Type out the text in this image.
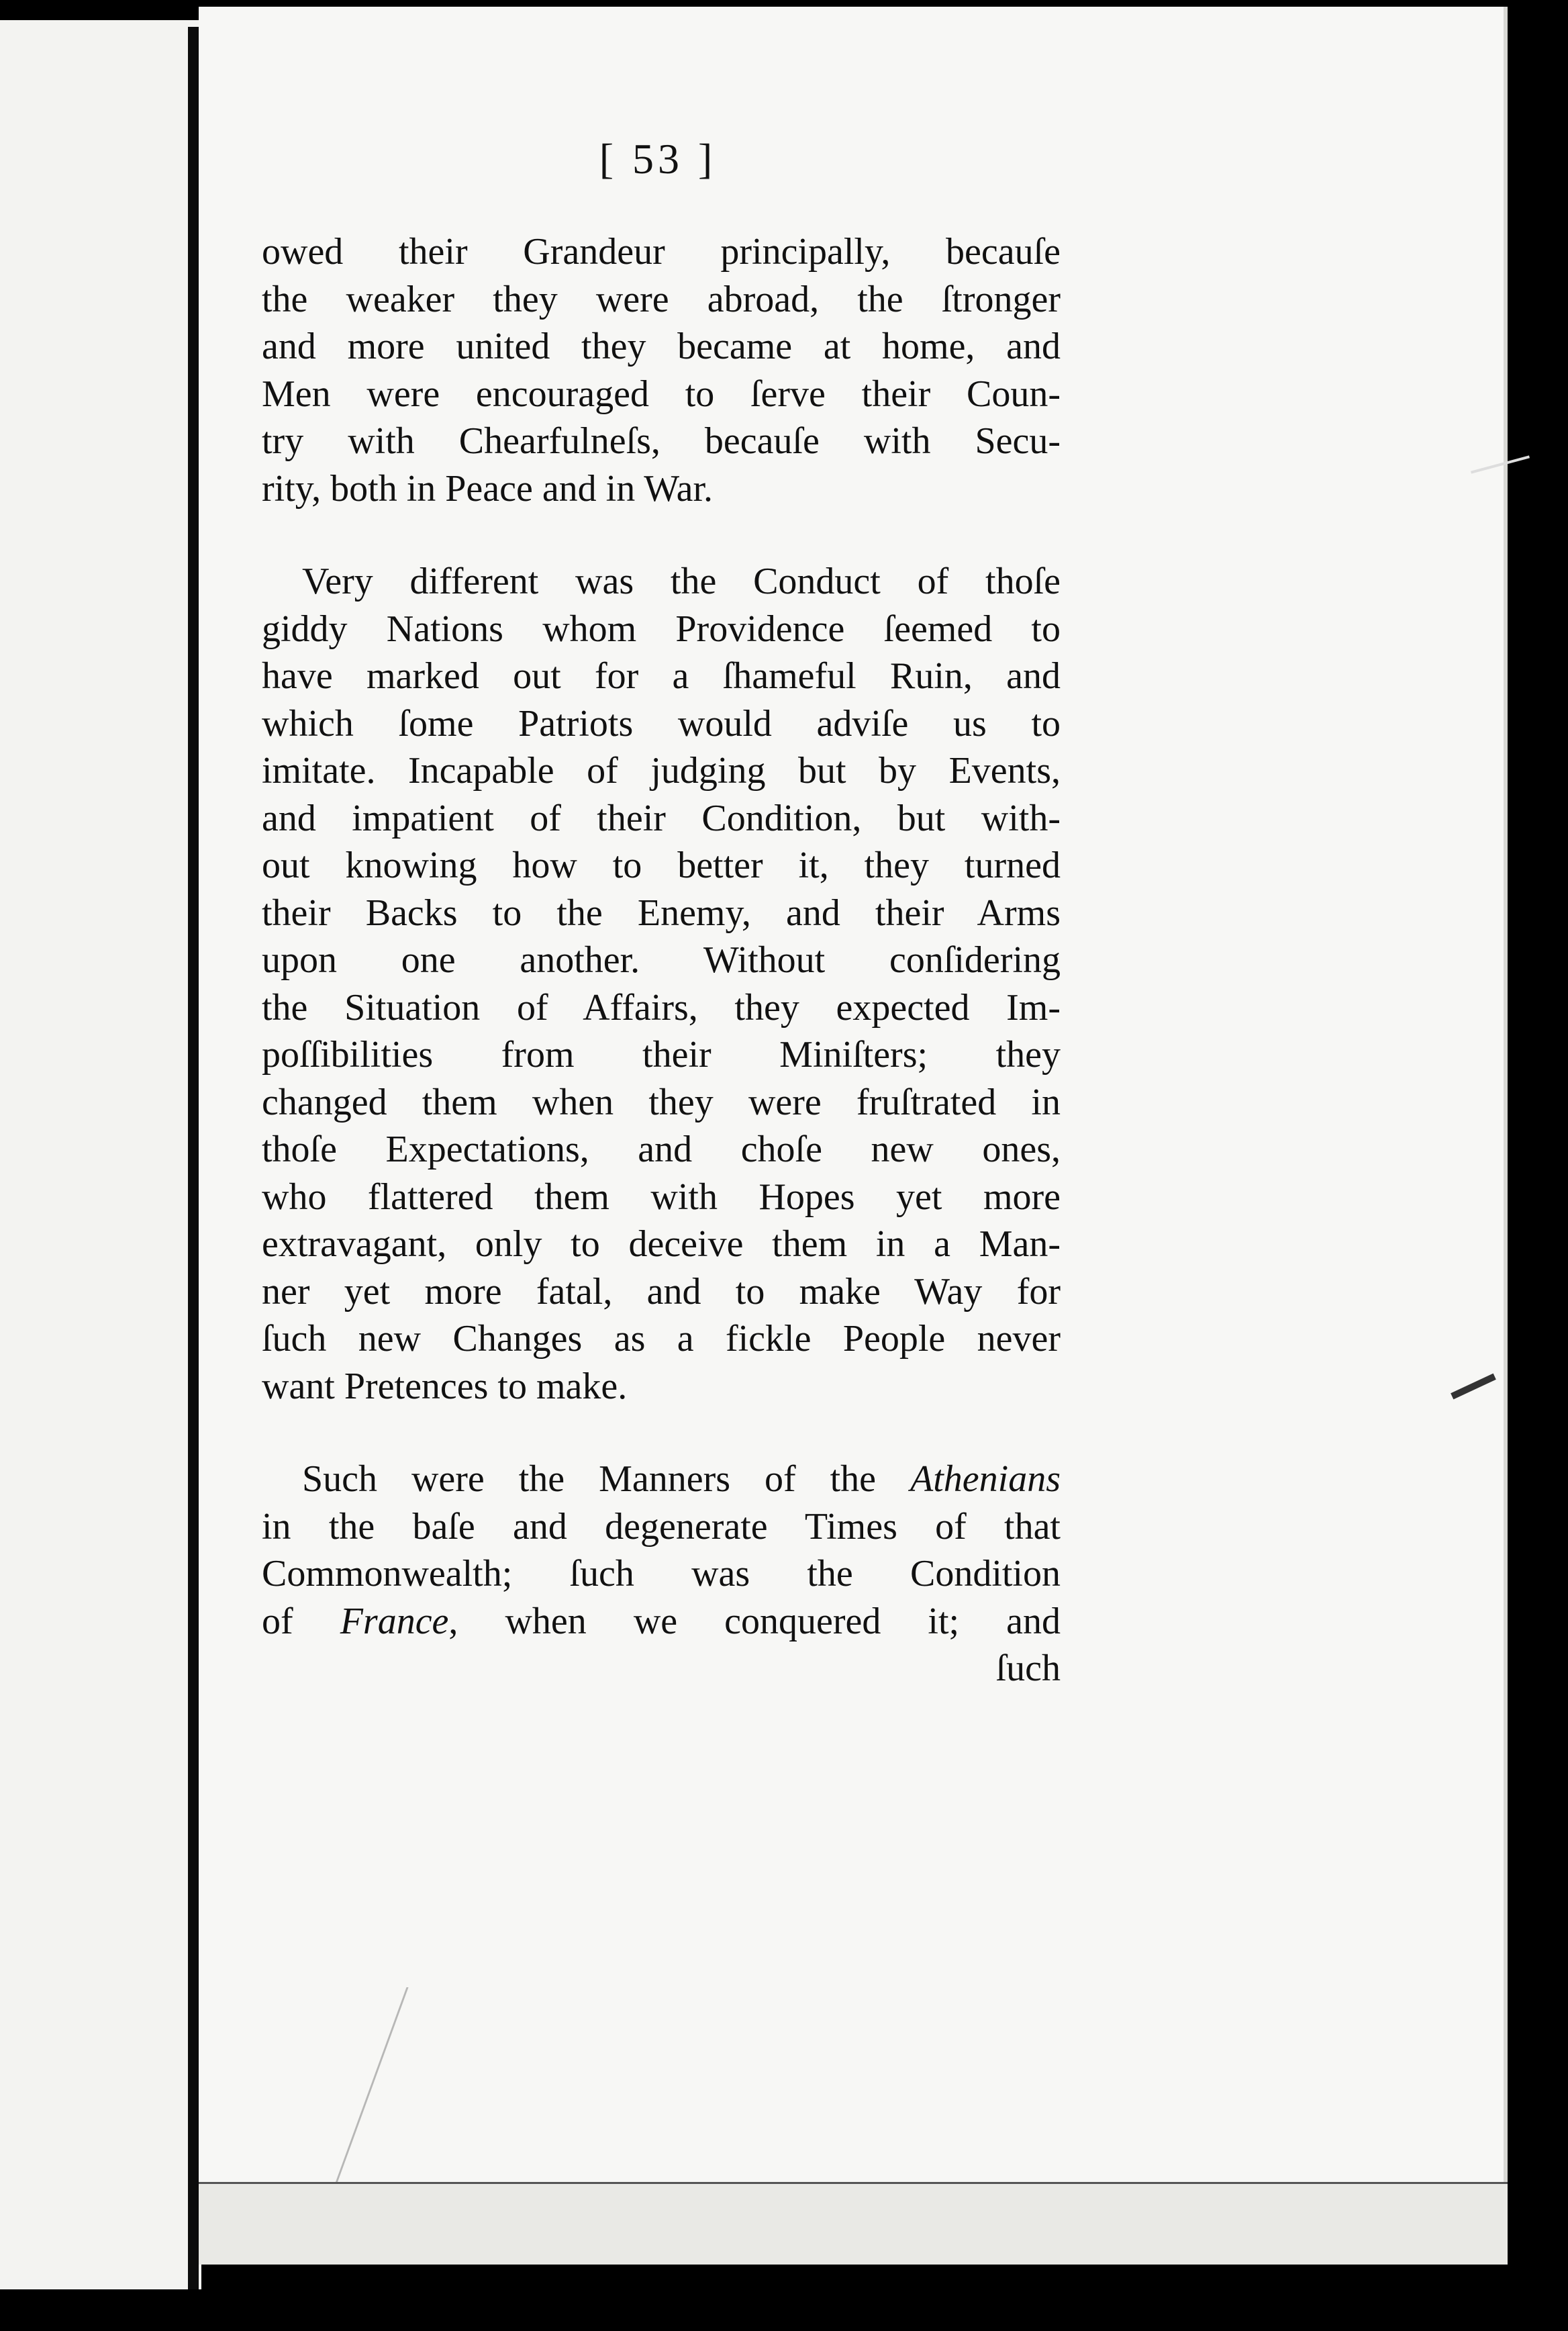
[ 53 ]
owed their Grandeur principally, becauſe
the weaker they were abroad, the ſtronger
and more united they became at home, and
Men were encouraged to ſerve their Coun-
try with Chearfulneſs, becauſe with Secu-
rity, both in Peace and in War.
Very different was the Conduct of thoſe
giddy Nations whom Providence ſeemed to
have marked out for a ſhameful Ruin, and
which ſome Patriots would adviſe us to
imitate. Incapable of judging but by Events,
and impatient of their Condition, but with-
out knowing how to better it, they turned
their Backs to the Enemy, and their Arms
upon one another. Without conſidering
the Situation of Affairs, they expected Im-
poſſibilities from their Miniſters; they
changed them when they were fruſtrated in
thoſe Expectations, and choſe new ones,
who flattered them with Hopes yet more
extravagant, only to deceive them in a Man-
ner yet more fatal, and to make Way for
ſuch new Changes as a fickle People never
want Pretences to make.
Such were the Manners of the Athenians
in the baſe and degenerate Times of that
Commonwealth; ſuch was the Condition
of France, when we conquered it; and
ſuch
